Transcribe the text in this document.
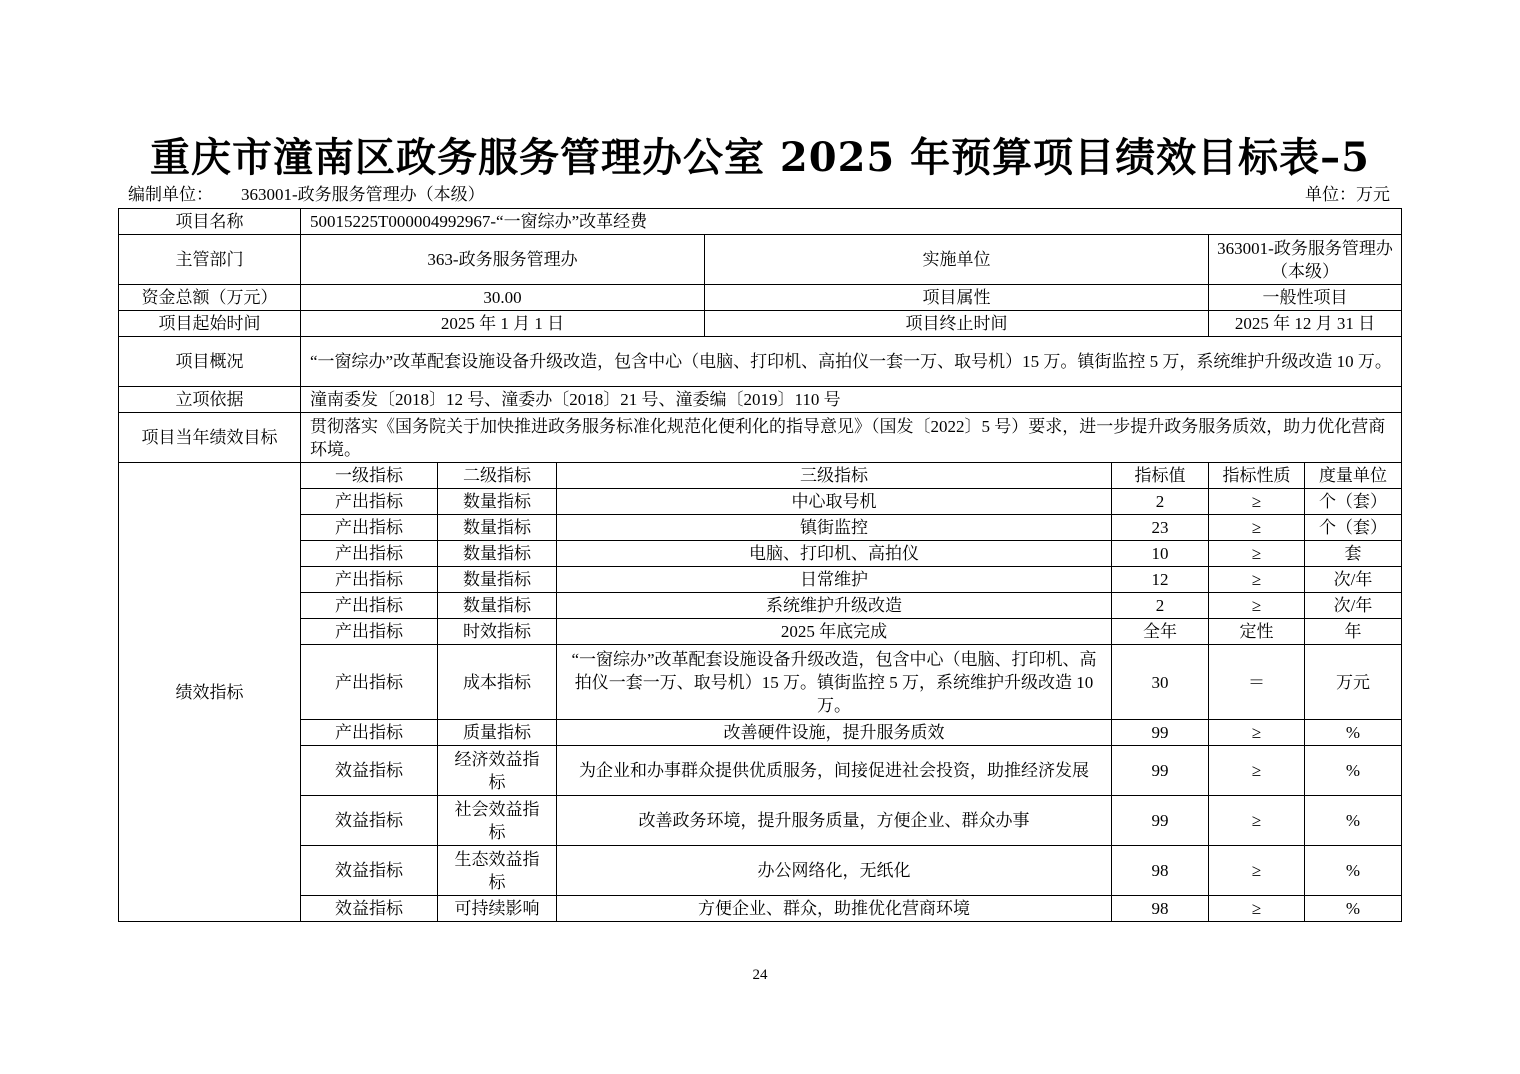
重庆市潼南区政务服务管理办公室 2025 年预算项目绩效目标表–5
编制单位： 363001-政务服务管理办（本级）	单位：万元
项目名称	50015225T000004992967-“一窗综办”改革经费						
主管部门	363-政务服务管理办			实施单位		363001-政务服务管理办（本级）	
资金总额（万元）	30.00			项目属性		一般性项目	
项目起始时间	2025 年 1 月 1 日			项目终止时间		2025 年 12 月 31 日	
项目概况	“一窗综办”改革配套设施设备升级改造，包含中心（电脑、打印机、高拍仪一套一万、取号机）15 万。镇街监控 5 万，系统维护升级改造 10 万。						
立项依据	潼南委发〔2018〕12 号、潼委办〔2018〕21 号、潼委编〔2019〕110 号						
项目当年绩效目标	贯彻落实《国务院关于加快推进政务服务标准化规范化便利化的指导意见》（国发〔2022〕5 号）要求，进一步提升政务服务质效，助力优化营商环境。						
绩效指标	一级指标	二级指标	三级指标		指标值	指标性质	度量单位
	产出指标	数量指标	中心取号机		2	≥	个（套）
	产出指标	数量指标	镇街监控		23	≥	个（套）
	产出指标	数量指标	电脑、打印机、高拍仪		10	≥	套
	产出指标	数量指标	日常维护		12	≥	次/年
	产出指标	数量指标	系统维护升级改造		2	≥	次/年
	产出指标	时效指标	2025 年底完成		全年	定性	年
	产出指标	成本指标	“一窗综办”改革配套设施设备升级改造，包含中心（电脑、打印机、高拍仪一套一万、取号机）15 万。镇街监控 5 万，系统维护升级改造 10 万。		30	＝	万元
	产出指标	质量指标	改善硬件设施，提升服务质效		99	≥	%
	效益指标	经济效益指标	为企业和办事群众提供优质服务，间接促进社会投资，助推经济发展		99	≥	%
	效益指标	社会效益指标	改善政务环境，提升服务质量，方便企业、群众办事		99	≥	%
	效益指标	生态效益指标	办公网络化，无纸化		98	≥	%
	效益指标	可持续影响	方便企业、群众，助推优化营商环境		98	≥	%
24
